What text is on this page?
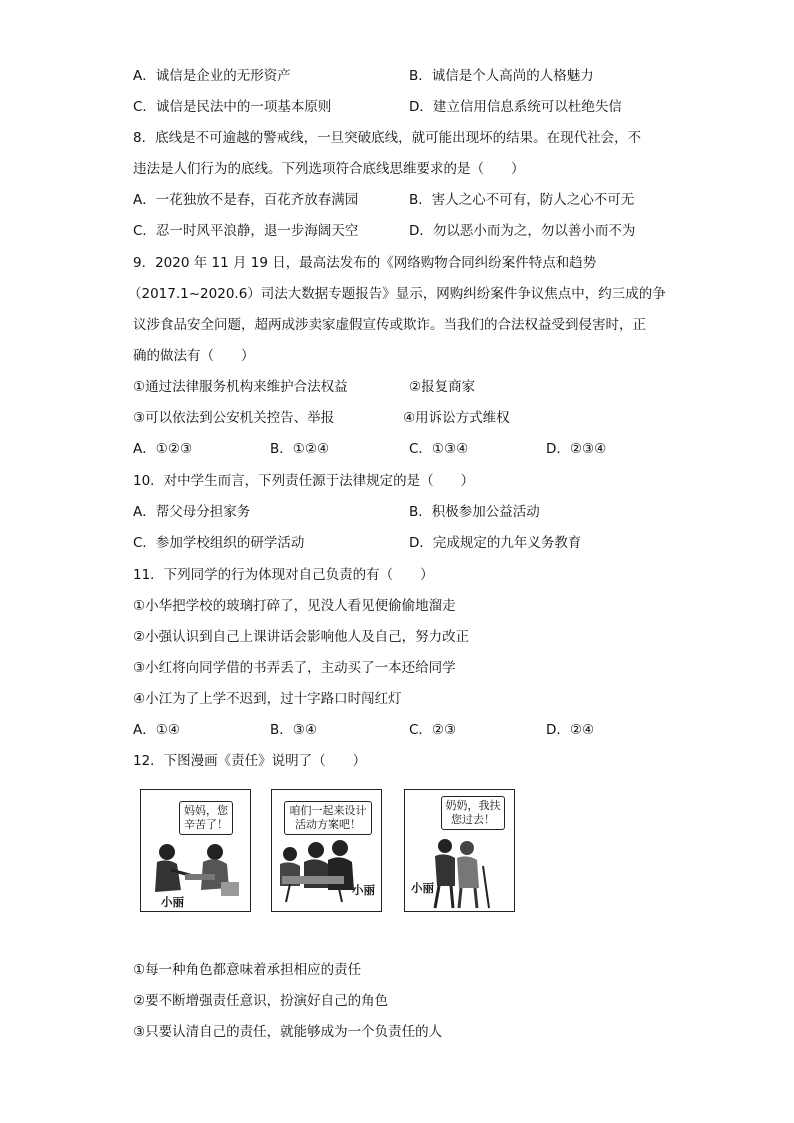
A．诚信是企业的无形资产	B．诚信是个人高尚的人格魅力
C．诚信是民法中的一项基本原则	D．建立信用信息系统可以杜绝失信
8．底线是不可逾越的警戒线，一旦突破底线，就可能出现坏的结果。在现代社会，不
违法是人们行为的底线。下列选项符合底线思维要求的是（　　）
A．一花独放不是春，百花齐放春满园	B．害人之心不可有，防人之心不可无
C．忍一时风平浪静，退一步海阔天空	D．勿以恶小而为之，勿以善小而不为
9．2020 年 11 月 19 日，最高法发布的《网络购物合同纠纷案件特点和趋势
（2017.1~2020.6）司法大数据专题报告》显示，网购纠纷案件争议焦点中，约三成的争
议涉食品安全问题，超两成涉卖家虚假宣传或欺诈。当我们的合法权益受到侵害时，正
确的做法有（　　）
①通过法律服务机构来维护合法权益	②报复商家
③可以依法到公安机关控告、举报	④用诉讼方式维权
A．①②③	B．①②④	C．①③④	D．②③④
10．对中学生而言，下列责任源于法律规定的是（　　）
A．帮父母分担家务	B．积极参加公益活动
C．参加学校组织的研学活动	D．完成规定的九年义务教育
11．下列同学的行为体现对自己负责的有（　　）
①小华把学校的玻璃打碎了，见没人看见便偷偷地溜走
②小强认识到自己上课讲话会影响他人及自己，努力改正
③小红将向同学借的书弄丢了，主动买了一本还给同学
④小江为了上学不迟到，过十字路口时闯红灯
A．①④	B．③④	C．②③	D．②④
12．下图漫画《责任》说明了（　　）
妈妈，您辛苦了！
小丽
咱们一起来设计活动方案吧！
小丽
奶奶，我扶您过去！
小丽
①每一种角色都意味着承担相应的责任
②要不断增强责任意识，扮演好自己的角色
③只要认清自己的责任，就能够成为一个负责任的人
